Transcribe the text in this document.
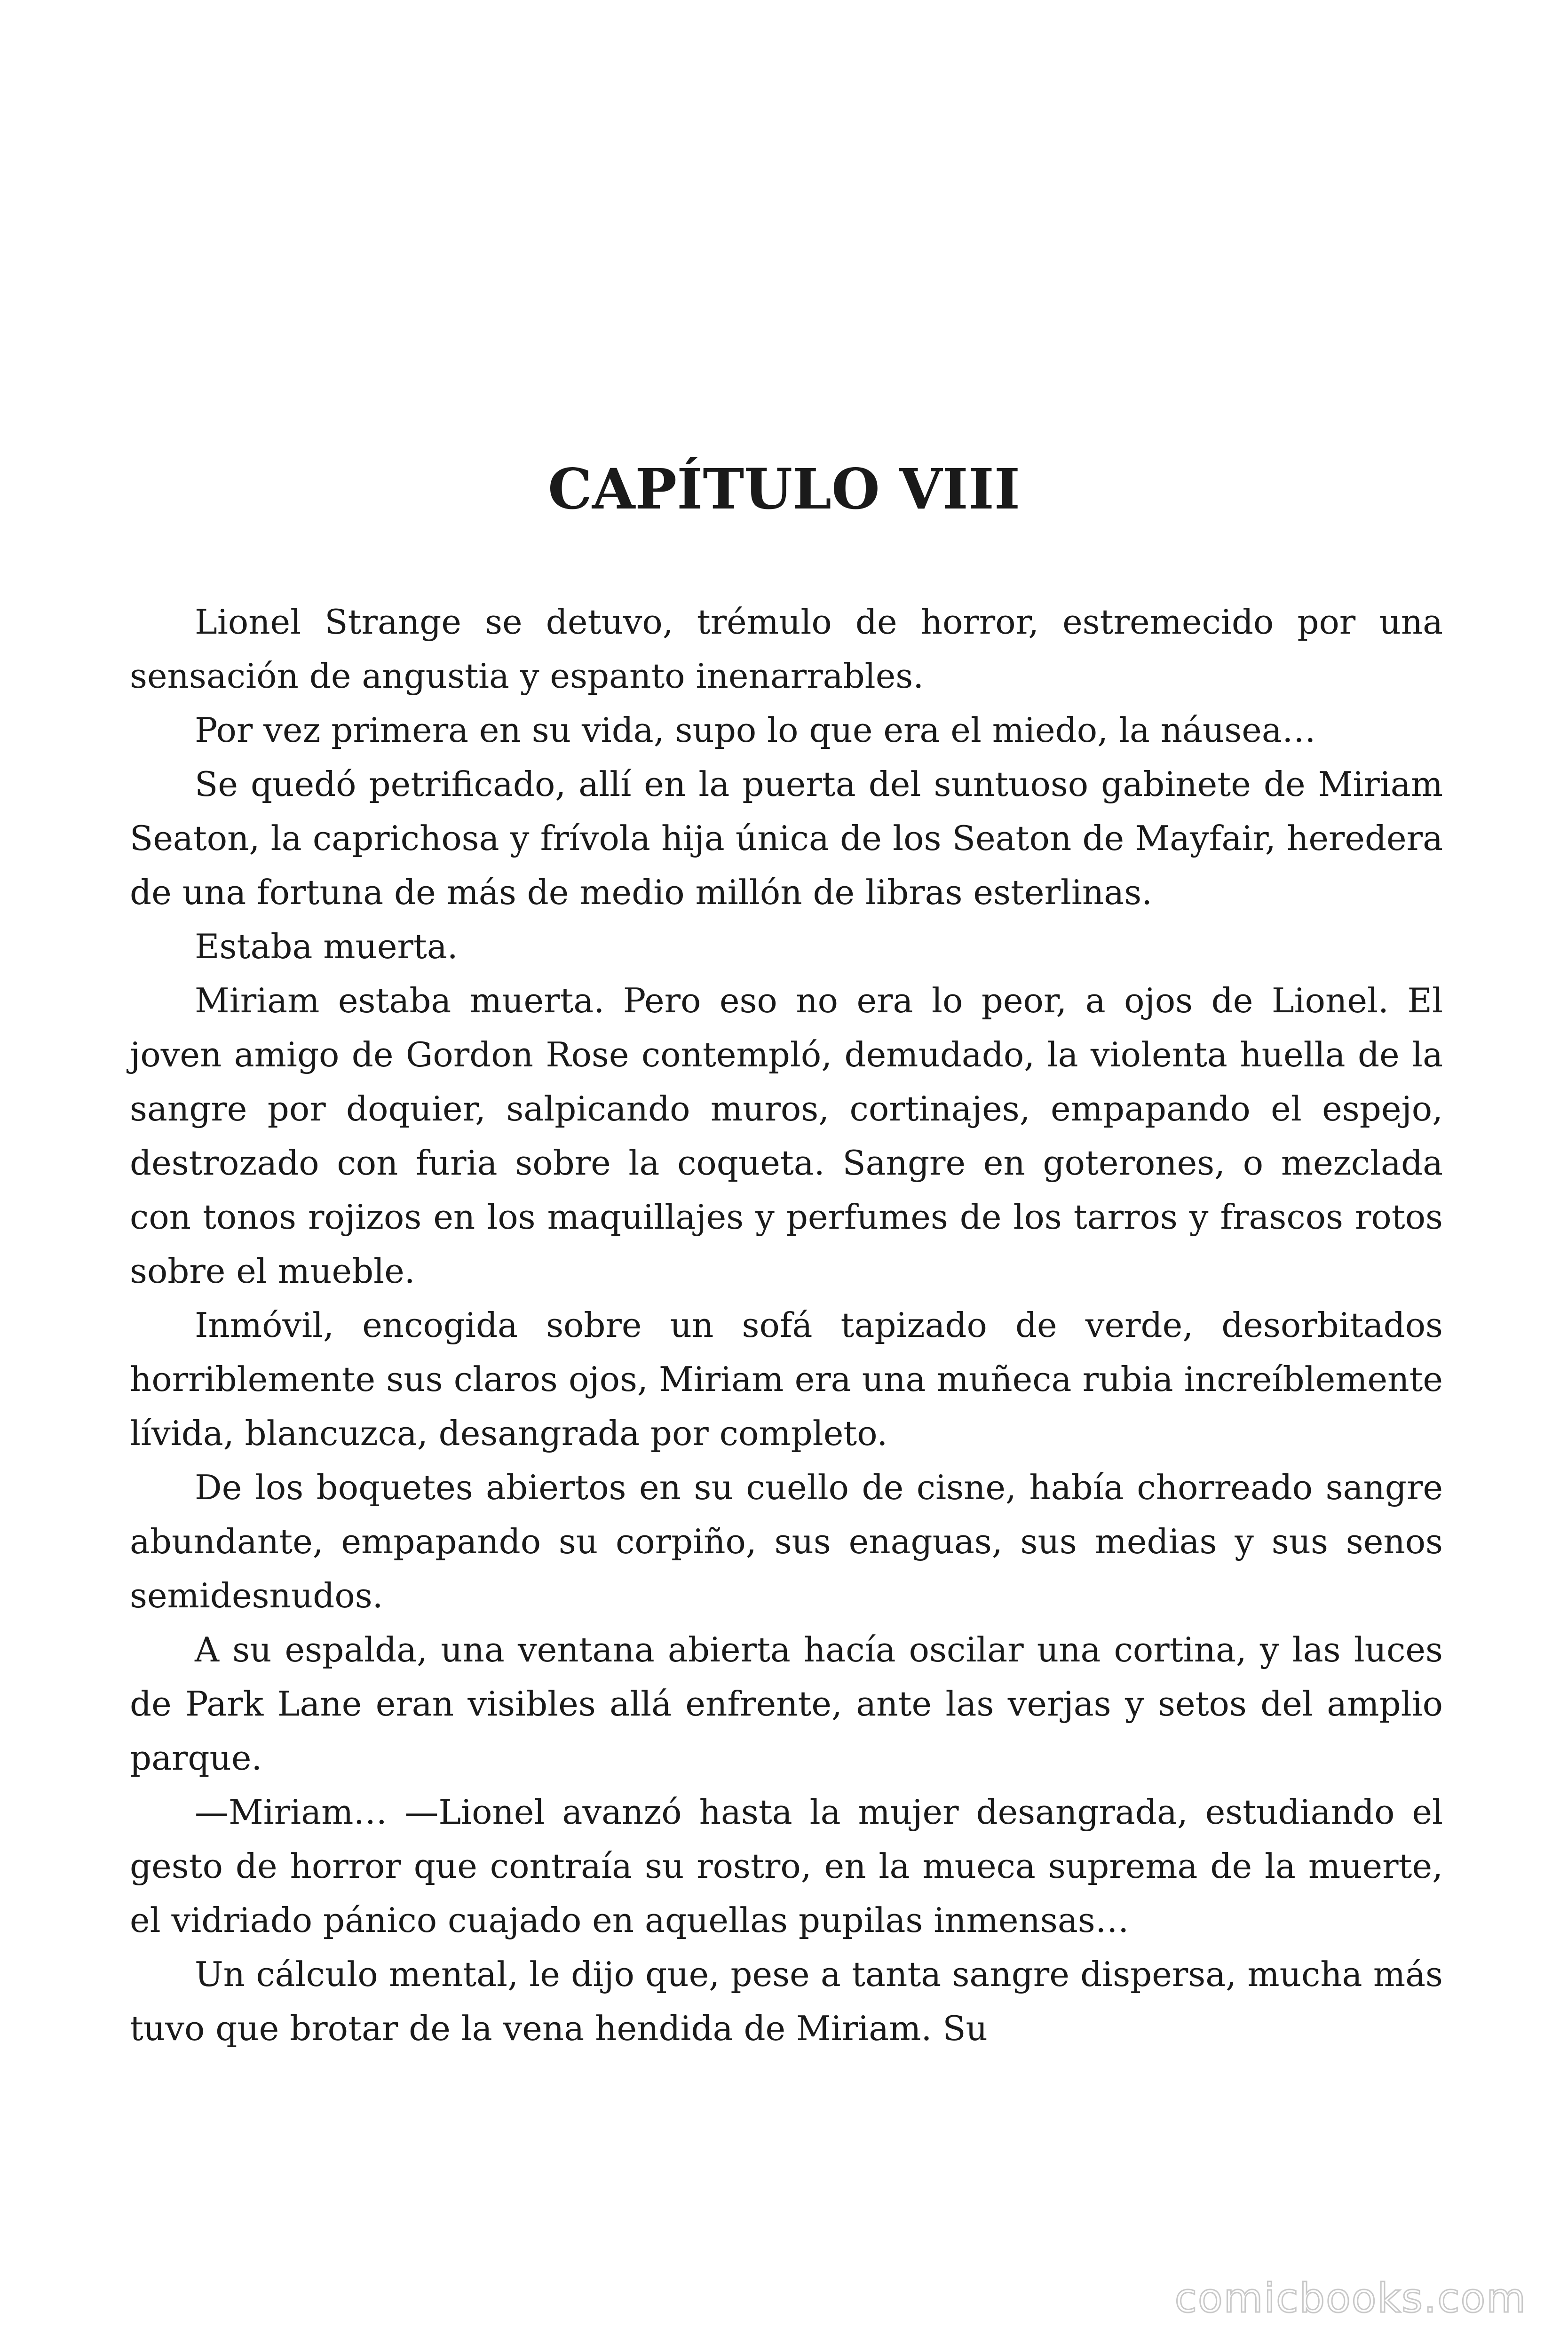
CAPÍTULO VIII

Lionel Strange se detuvo, trémulo de horror, estremecido por una sensación de angustia y espanto inenarrables.

Por vez primera en su vida, supo lo que era el miedo, la náusea…

Se quedó petrificado, allí en la puerta del suntuoso gabinete de Miriam Seaton, la caprichosa y frívola hija única de los Seaton de Mayfair, heredera de una fortuna de más de medio millón de libras esterlinas.

Estaba muerta.

Miriam estaba muerta. Pero eso no era lo peor, a ojos de Lionel. El joven amigo de Gordon Rose contempló, demudado, la violenta huella de la sangre por doquier, salpicando muros, cortinajes, empapando el espejo, destrozado con furia sobre la coqueta. Sangre en goterones, o mezclada con tonos rojizos en los maquillajes y perfumes de los tarros y frascos rotos sobre el mueble.

Inmóvil, encogida sobre un sofá tapizado de verde, desorbitados horriblemente sus claros ojos, Miriam era una muñeca rubia increíblemente lívida, blancuzca, desangrada por completo.

De los boquetes abiertos en su cuello de cisne, había chorreado sangre abundante, empapando su corpiño, sus enaguas, sus medias y sus senos semidesnudos.

A su espalda, una ventana abierta hacía oscilar una cortina, y las luces de Park Lane eran visibles allá enfrente, ante las verjas y setos del amplio parque.

—Miriam… —Lionel avanzó hasta la mujer desangrada, estudiando el gesto de horror que contraía su rostro, en la mueca suprema de la muerte, el vidriado pánico cuajado en aquellas pupilas inmensas…

Un cálculo mental, le dijo que, pese a tanta sangre dispersa, mucha más tuvo que brotar de la vena hendida de Miriam. Su

comicbooks.com
